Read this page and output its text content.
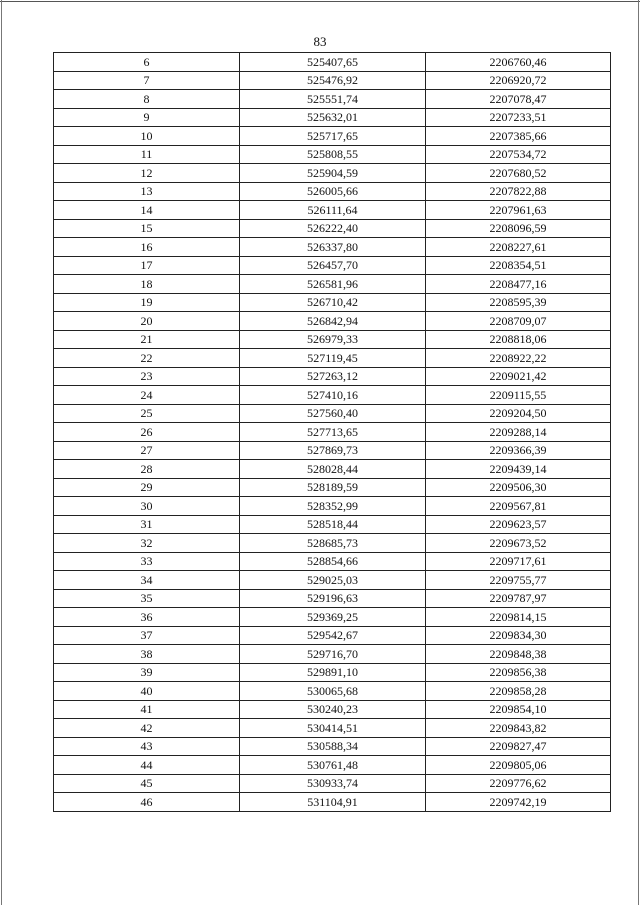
83
6	525407,65	2206760,46
7	525476,92	2206920,72
8	525551,74	2207078,47
9	525632,01	2207233,51
10	525717,65	2207385,66
11	525808,55	2207534,72
12	525904,59	2207680,52
13	526005,66	2207822,88
14	526111,64	2207961,63
15	526222,40	2208096,59
16	526337,80	2208227,61
17	526457,70	2208354,51
18	526581,96	2208477,16
19	526710,42	2208595,39
20	526842,94	2208709,07
21	526979,33	2208818,06
22	527119,45	2208922,22
23	527263,12	2209021,42
24	527410,16	2209115,55
25	527560,40	2209204,50
26	527713,65	2209288,14
27	527869,73	2209366,39
28	528028,44	2209439,14
29	528189,59	2209506,30
30	528352,99	2209567,81
31	528518,44	2209623,57
32	528685,73	2209673,52
33	528854,66	2209717,61
34	529025,03	2209755,77
35	529196,63	2209787,97
36	529369,25	2209814,15
37	529542,67	2209834,30
38	529716,70	2209848,38
39	529891,10	2209856,38
40	530065,68	2209858,28
41	530240,23	2209854,10
42	530414,51	2209843,82
43	530588,34	2209827,47
44	530761,48	2209805,06
45	530933,74	2209776,62
46	531104,91	2209742,19
